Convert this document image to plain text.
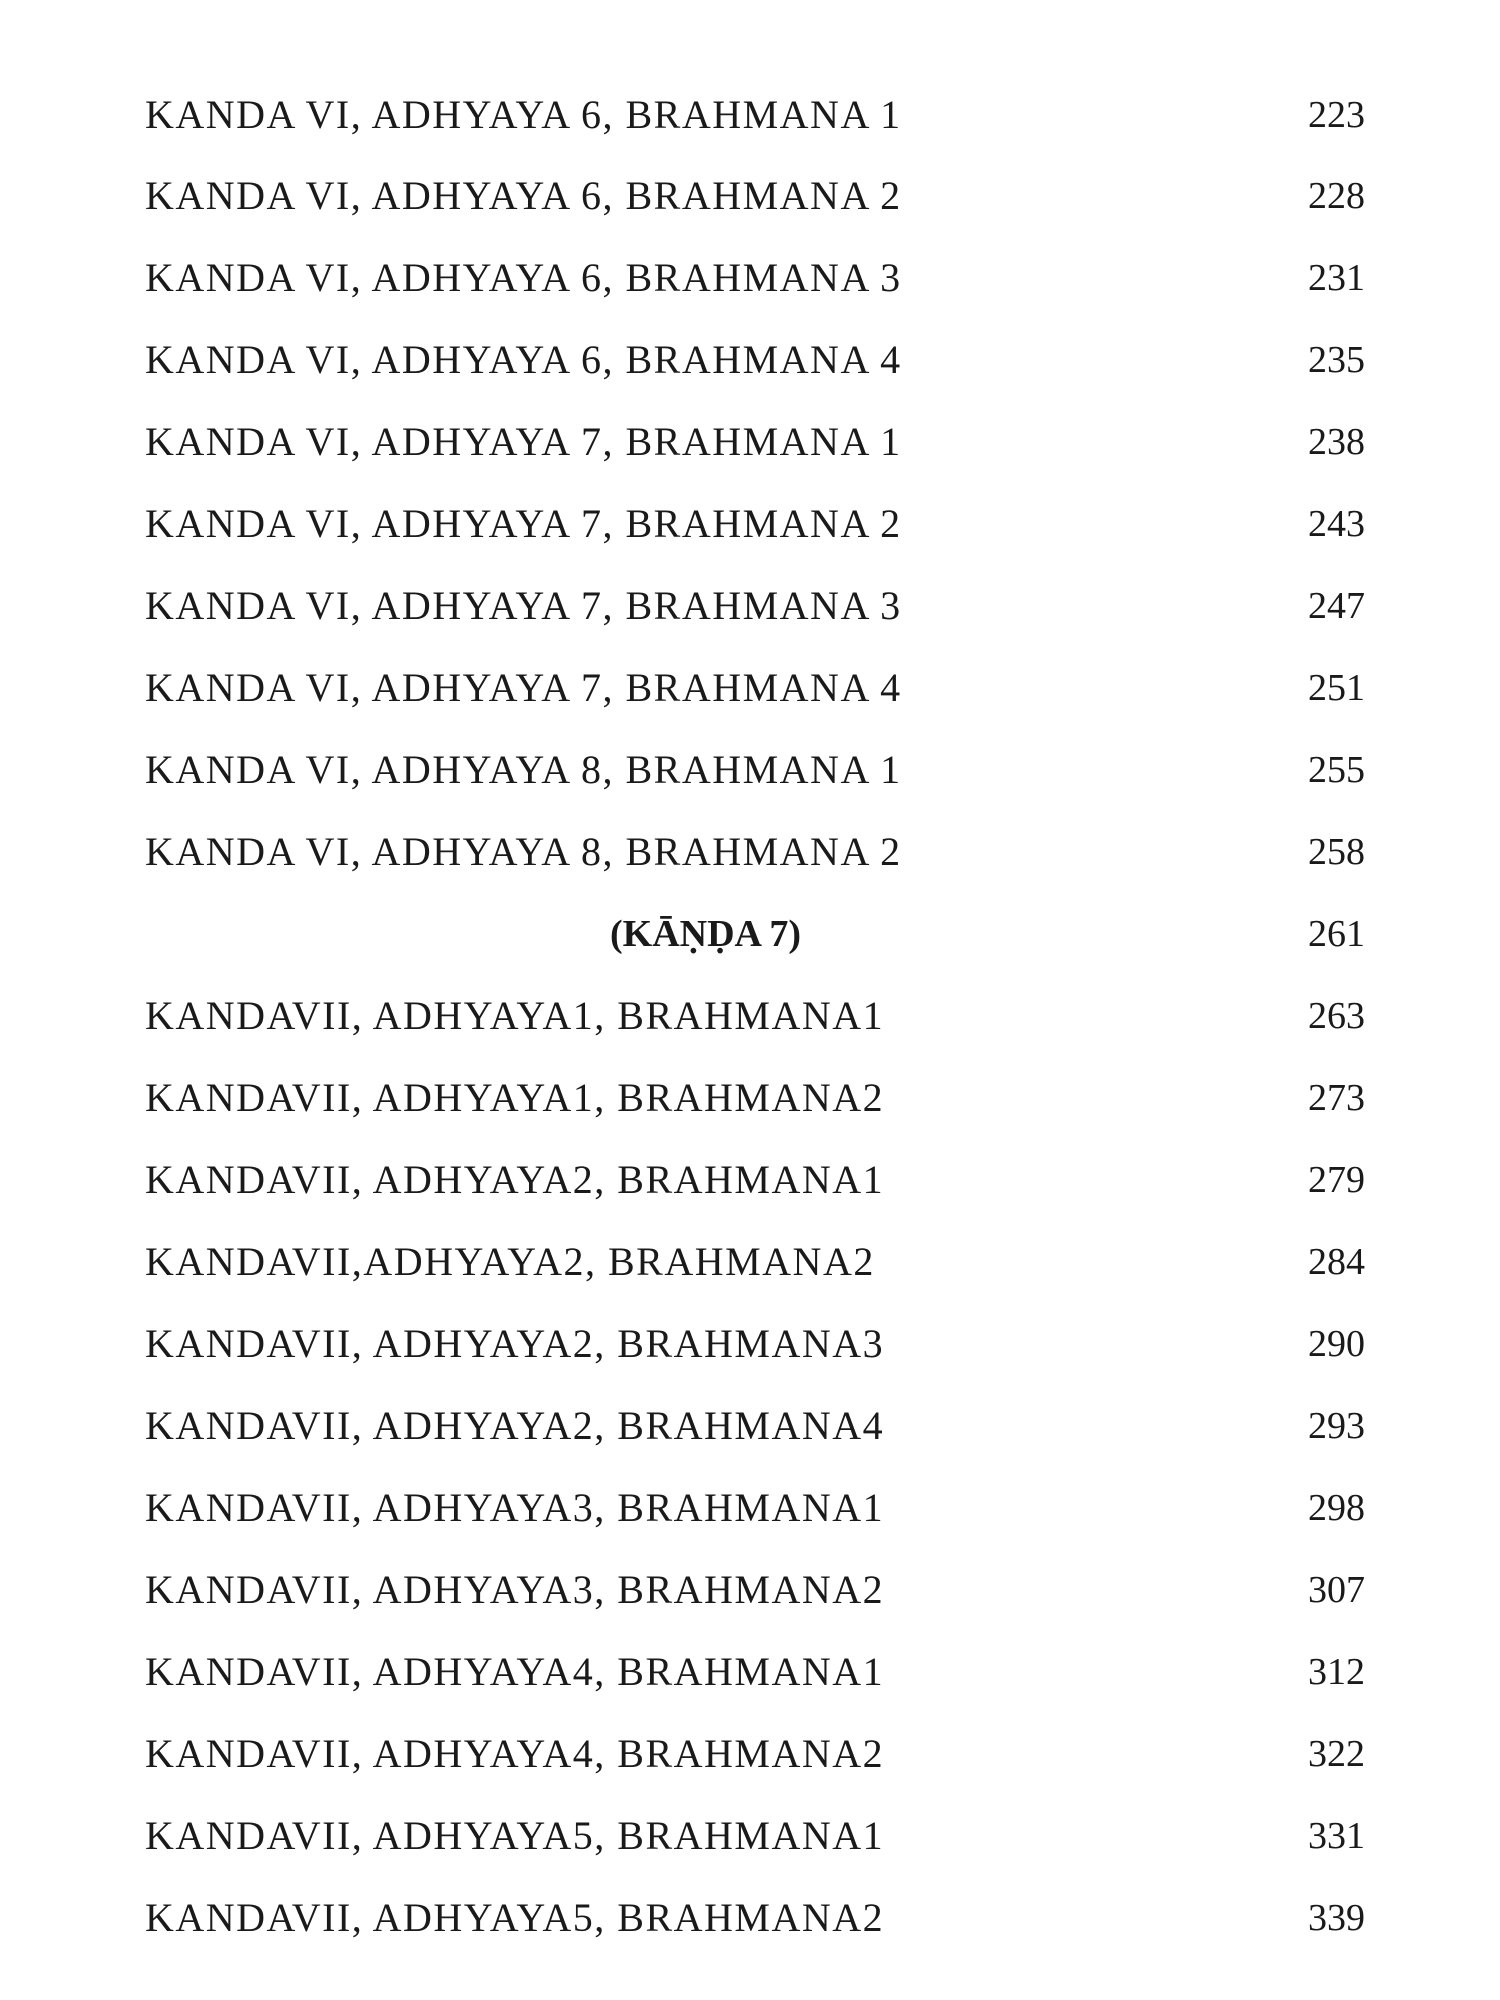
KANDA VI, ADHYAYA 6, BRAHMANA 1	223
KANDA VI, ADHYAYA 6, BRAHMANA 2	228
KANDA VI, ADHYAYA 6, BRAHMANA 3	231
KANDA VI, ADHYAYA 6, BRAHMANA 4	235
KANDA VI, ADHYAYA 7, BRAHMANA 1	238
KANDA VI, ADHYAYA 7, BRAHMANA 2	243
KANDA VI, ADHYAYA 7, BRAHMANA 3	247
KANDA VI, ADHYAYA 7, BRAHMANA 4	251
KANDA VI, ADHYAYA 8, BRAHMANA 1	255
KANDA VI, ADHYAYA 8, BRAHMANA 2	258
(KĀṆḌA 7)	261
KANDAVII, ADHYAYA1, BRAHMANA1	263
KANDAVII, ADHYAYA1, BRAHMANA2	273
KANDAVII, ADHYAYA2, BRAHMANA1	279
KANDAVII,ADHYAYA2, BRAHMANA2	284
KANDAVII, ADHYAYA2, BRAHMANA3	290
KANDAVII, ADHYAYA2, BRAHMANA4	293
KANDAVII, ADHYAYA3, BRAHMANA1	298
KANDAVII, ADHYAYA3, BRAHMANA2	307
KANDAVII, ADHYAYA4, BRAHMANA1	312
KANDAVII, ADHYAYA4, BRAHMANA2	322
KANDAVII, ADHYAYA5, BRAHMANA1	331
KANDAVII, ADHYAYA5, BRAHMANA2	339
